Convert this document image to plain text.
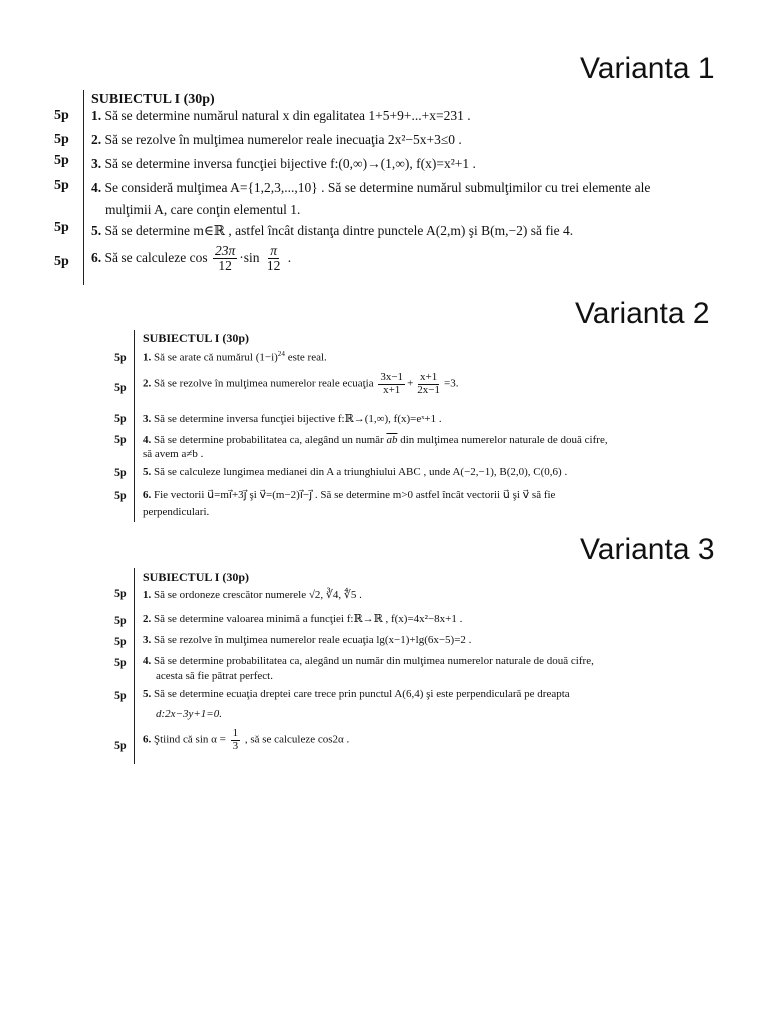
Varianta 1
SUBIECTUL I (30p)
5p 1. Să se determine numărul natural x din egalitatea 1+5+9+...+x=231 .
5p 2. Să se rezolve în mulţimea numerelor reale inecuaţia 2x²−5x+3≤0 .
5p 3. Să se determine inversa funcţiei bijective f:(0,∞)→(1,∞), f(x)=x²+1 .
5p 4. Se consideră mulţimea A={1,2,3,...,10} . Să se determine numărul submulţimilor cu trei elemente ale
mulţimii A, care conţin elementul 1.
5p 5. Să se determine m∈ℝ , astfel încât distanţa dintre punctele A(2,m) şi B(m,−2) să fie 4.
5p 6. Să se calculeze $\cos \frac{23\pi}{12} \cdot\sin \frac{\pi}{12}$ .
Varianta 2
SUBIECTUL I (30p)
5p 1. Să se arate că numărul $(1-i)^{24}$ este real.
5p 2. Să se rezolve în mulţimea numerelor reale ecuaţia $\frac{3x-1}{x+1} + \frac{x+1}{2x-1} =3$.
5p 3. Să se determine inversa funcţiei bijective f:ℝ→(1,∞), f(x)=eˣ+1 .
5p 4. Să se determine probabilitatea ca, alegând un număr $\overline{ab}$ din mulţimea numerelor naturale de două cifre,
să avem a≠b .
5p 5. Să se calculeze lungimea medianei din A a triunghiului ABC , unde A(−2,−1), B(2,0), C(0,6) .
5p 6. Fie vectorii u⃗=mi⃗+3j⃗ şi v⃗=(m−2)i⃗−j⃗ . Să se determine m>0 astfel încât vectorii u⃗ şi v⃗ să fie
perpendiculari.
Varianta 3
SUBIECTUL I (30p)
5p 1. Să se ordoneze crescător numerele √2, ∛4, ∜5 .
5p 2. Să se determine valoarea minimă a funcţiei f:ℝ→ℝ , f(x)=4x²−8x+1 .
5p 3. Să se rezolve în mulţimea numerelor reale ecuaţia lg(x−1)+lg(6x−5)=2 .
5p 4. Să se determine probabilitatea ca, alegând un număr din mulţimea numerelor naturale de două cifre,
acesta să fie pătrat perfect.
5p 5. Să se determine ecuaţia dreptei care trece prin punctul A(6,4) şi este perpendiculară pe dreapta
d:2x−3y+1=0.
5p 6. Ştiind că $\sin \alpha = \frac{1}{3}$ , să se calculeze cos2α .
